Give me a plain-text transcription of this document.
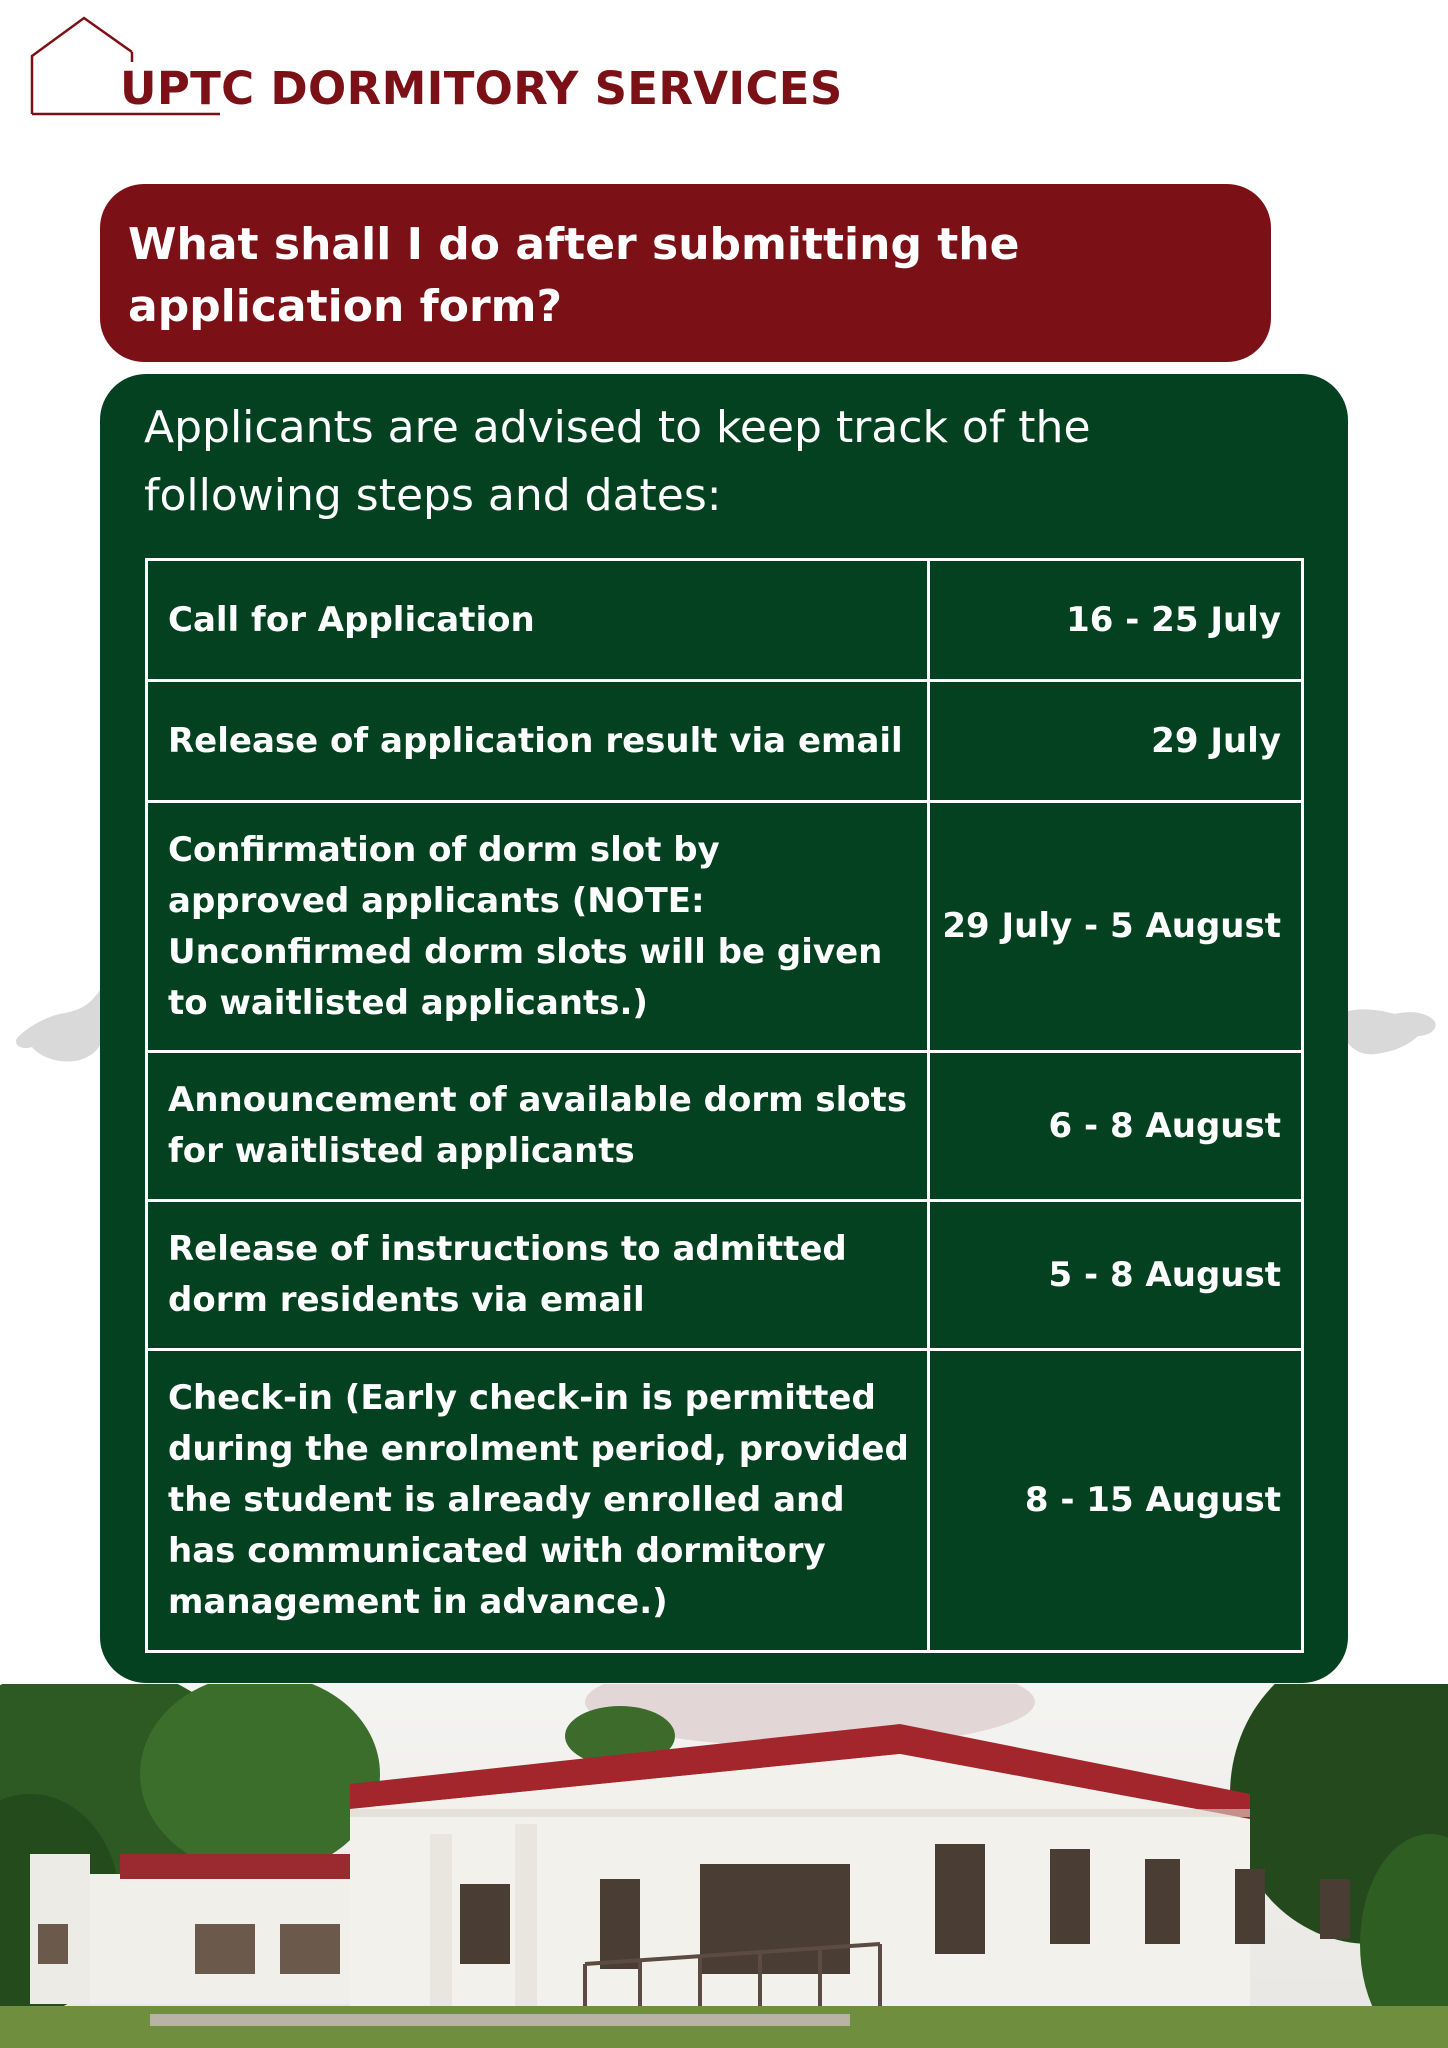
UPTC DORMITORY SERVICES
What shall I do after submitting the application form?
Applicants are advised to keep track of the following steps and dates:
Call for Application	16 - 25 July
Release of application result via email	29 July
Confirmation of dorm slot by approved applicants (NOTE: Unconfirmed dorm slots will be given to waitlisted applicants.)	29 July - 5 August
Announcement of available dorm slots for waitlisted applicants	6 - 8 August
Release of instructions to admitted dorm residents via email	5 - 8 August
Check-in (Early check-in is permitted during the enrolment period, provided the student is already enrolled and has communicated with dormitory management in advance.)	8 - 15 August
